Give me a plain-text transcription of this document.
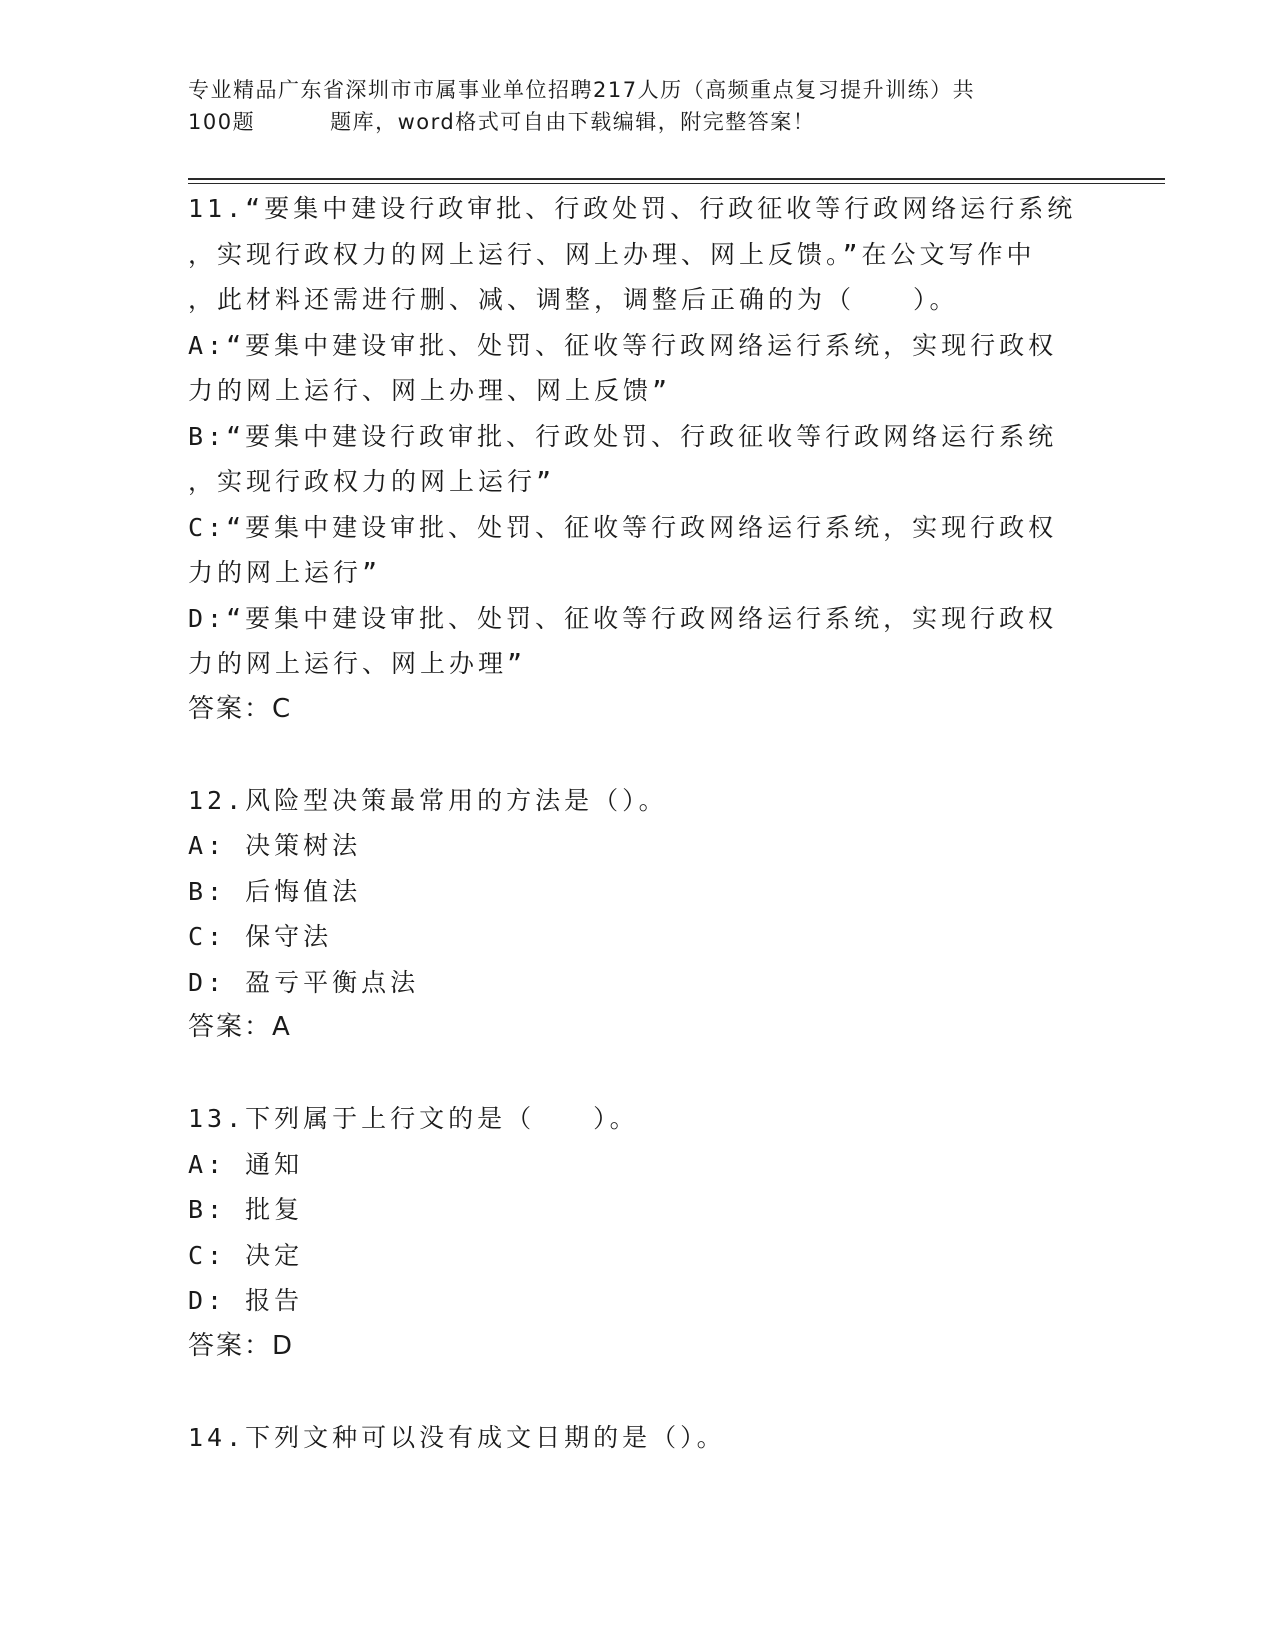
专业精品广东省深圳市市属事业单位招聘217人历（高频重点复习提升训练）共
100题	题库，word格式可自由下载编辑，附完整答案！
11.“要集中建设行政审批、行政处罚、行政征收等行政网络运行系统
，实现行政权力的网上运行、网上办理、网上反馈。”在公文写作中
，此材料还需进行删、减、调整，调整后正确的为（　　）。
A:“要集中建设审批、处罚、征收等行政网络运行系统，实现行政权
力的网上运行、网上办理、网上反馈”
B:“要集中建设行政审批、行政处罚、行政征收等行政网络运行系统
，实现行政权力的网上运行”
C:“要集中建设审批、处罚、征收等行政网络运行系统，实现行政权
力的网上运行”
D:“要集中建设审批、处罚、征收等行政网络运行系统，实现行政权
力的网上运行、网上办理”
答案：C
12.风险型决策最常用的方法是（）。
A: 决策树法
B: 后悔值法
C: 保守法
D: 盈亏平衡点法
答案：A
13.下列属于上行文的是（　　）。
A: 通知
B: 批复
C: 决定
D: 报告
答案：D
14.下列文种可以没有成文日期的是（）。
